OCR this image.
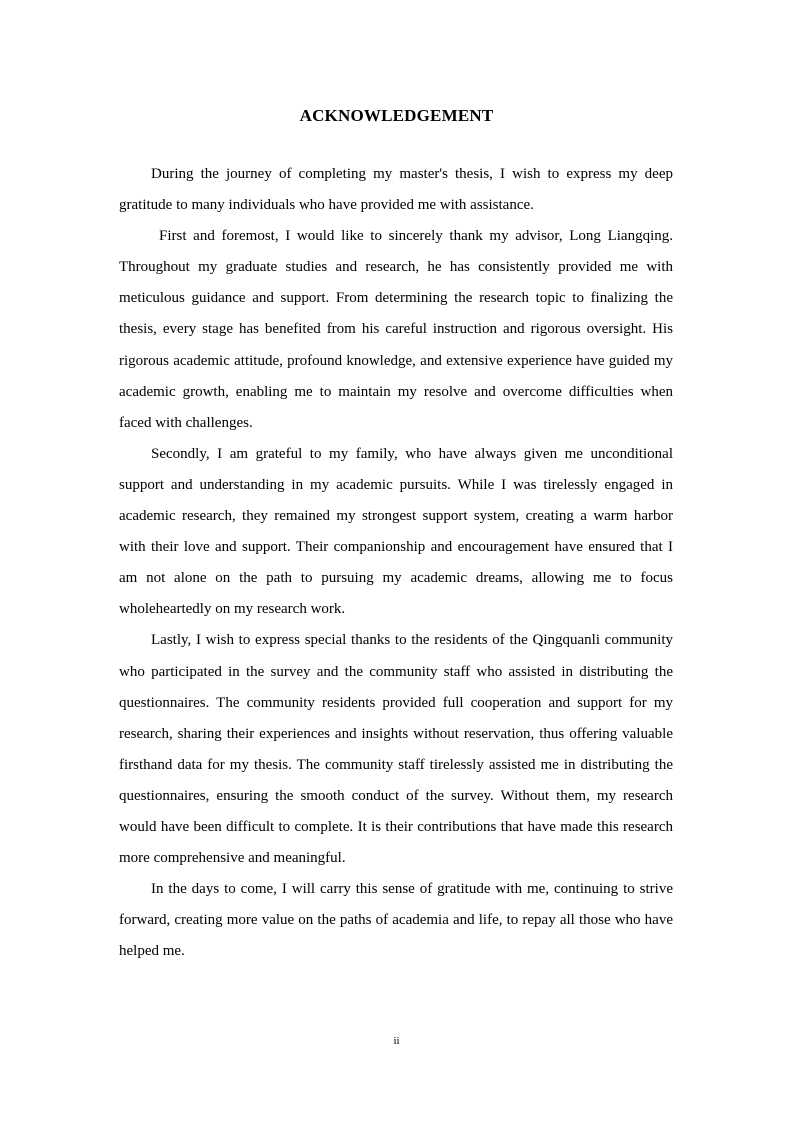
ACKNOWLEDGEMENT

During the journey of completing my master's thesis, I wish to express my deep gratitude to many individuals who have provided me with assistance.

First and foremost, I would like to sincerely thank my advisor, Long Liangqing. Throughout my graduate studies and research, he has consistently provided me with meticulous guidance and support. From determining the research topic to finalizing the thesis, every stage has benefited from his careful instruction and rigorous oversight. His rigorous academic attitude, profound knowledge, and extensive experience have guided my academic growth, enabling me to maintain my resolve and overcome difficulties when faced with challenges.

Secondly, I am grateful to my family, who have always given me unconditional support and understanding in my academic pursuits. While I was tirelessly engaged in academic research, they remained my strongest support system, creating a warm harbor with their love and support. Their companionship and encouragement have ensured that I am not alone on the path to pursuing my academic dreams, allowing me to focus wholeheartedly on my research work.

Lastly, I wish to express special thanks to the residents of the Qingquanli community who participated in the survey and the community staff who assisted in distributing the questionnaires. The community residents provided full cooperation and support for my research, sharing their experiences and insights without reservation, thus offering valuable firsthand data for my thesis. The community staff tirelessly assisted me in distributing the questionnaires, ensuring the smooth conduct of the survey. Without them, my research would have been difficult to complete. It is their contributions that have made this research more comprehensive and meaningful.

In the days to come, I will carry this sense of gratitude with me, continuing to strive forward, creating more value on the paths of academia and life, to repay all those who have helped me.

ii
